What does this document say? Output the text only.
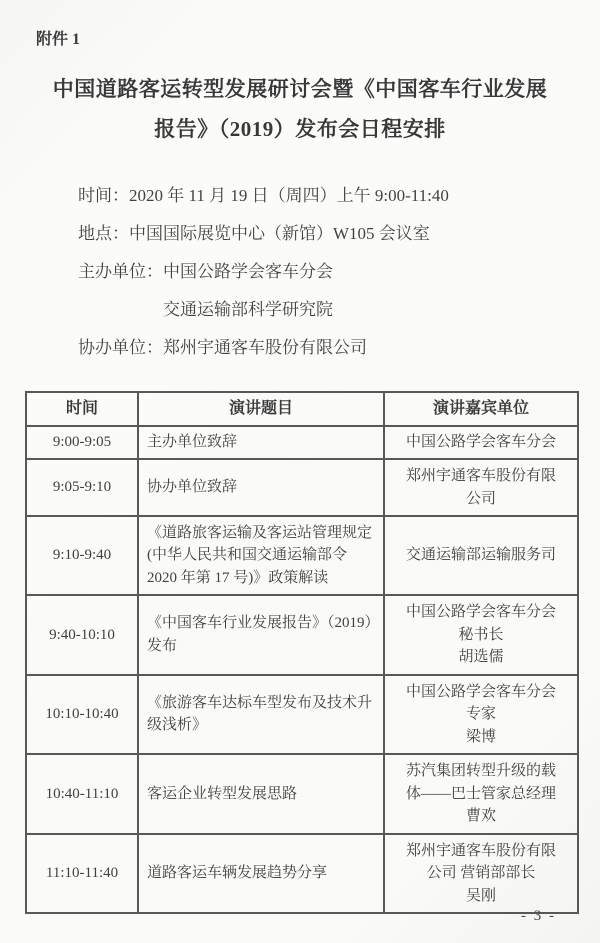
附件 1
中国道路客运转型发展研讨会暨《中国客车行业发展
报告》（2019）发布会日程安排
时间： 2020 年 11 月 19 日（周四）上午 9:00-11:40
地点： 中国国际展览中心（新馆）W105 会议室
主办单位： 中国公路学会客车分会
交通运输部科学研究院
协办单位： 郑州宇通客车股份有限公司
时间	演讲题目	演讲嘉宾单位
9:00-9:05	主办单位致辞	中国公路学会客车分会
9:05-9:10	协办单位致辞	郑州宇通客车股份有限
公司
9:10-9:40	《道路旅客运输及客运站管理规定(中华人民共和国交通运输部令 2020 年第 17 号)》政策解读	交通运输部运输服务司
9:40-10:10	《中国客车行业发展报告》（2019）发布	中国公路学会客车分会
秘书长
胡选儒
10:10-10:40	《旅游客车达标车型发布及技术升级浅析》	中国公路学会客车分会
专家
梁博
10:40-11:10	客运企业转型发展思路	苏汽集团转型升级的载
体——巴士管家总经理
曹欢
11:10-11:40	道路客运车辆发展趋势分享	郑州宇通客车股份有限
公司 营销部部长
吴刚
- 3 -
